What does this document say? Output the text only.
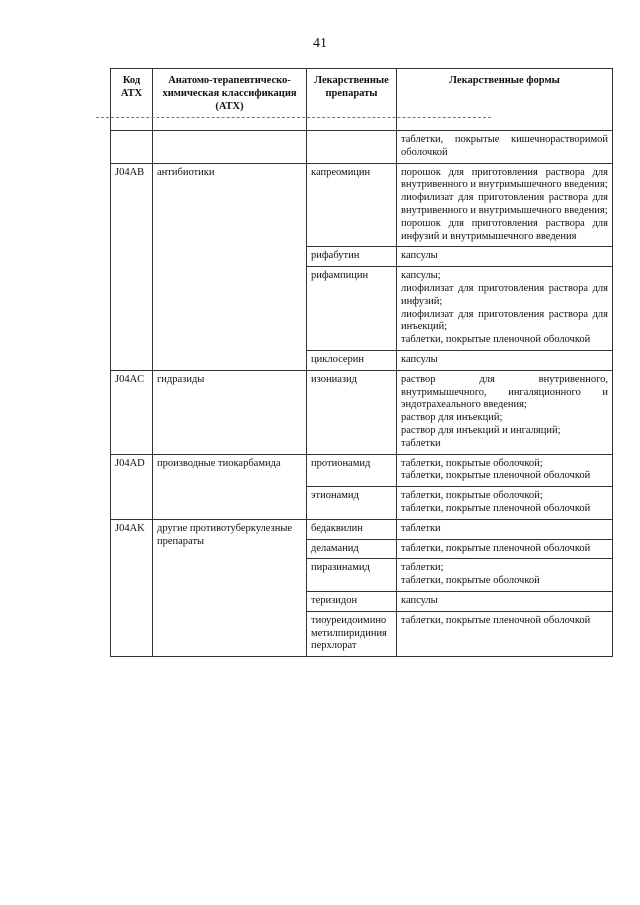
41
Код АТХ	Анатомо-терапевтическо-химическая классификация (АТХ)	Лекарственные препараты	Лекарственные формы

			таблетки, покрытые кишечнорастворимой оболочкой

J04AB	антибиотики	капреомицин	порошок для приготовления раствора для внутривенного и внутримышечного введения;
лиофилизат для приготовления раствора для внутривенного и внутримышечного введения;
порошок для приготовления раствора для инфузий и внутримышечного введения

		рифабутин	капсулы

		рифампицин	капсулы;
лиофилизат для приготовления раствора для инфузий;
лиофилизат для приготовления раствора для инъекций;
таблетки, покрытые пленочной оболочкой

		циклосерин	капсулы

J04AC	гидразиды	изониазид	раствор для внутривенного, внутримышечного, ингаляционного и эндотрахеального введения;
раствор для инъекций;
раствор для инъекций и ингаляций;
таблетки

J04AD	производные тиокарбамида	протионамид	таблетки, покрытые оболочкой;
таблетки, покрытые пленочной оболочкой

		этионамид	таблетки, покрытые оболочкой;
таблетки, покрытые пленочной оболочкой

J04AK	другие противотуберкулезные препараты	бедаквилин	таблетки

		деламанид	таблетки, покрытые пленочной оболочкой

		пиразинамид	таблетки;
таблетки, покрытые оболочкой

		теризидон	капсулы

		тиоуреидоиминометилпиридиния перхлорат	таблетки, покрытые пленочной оболочкой
